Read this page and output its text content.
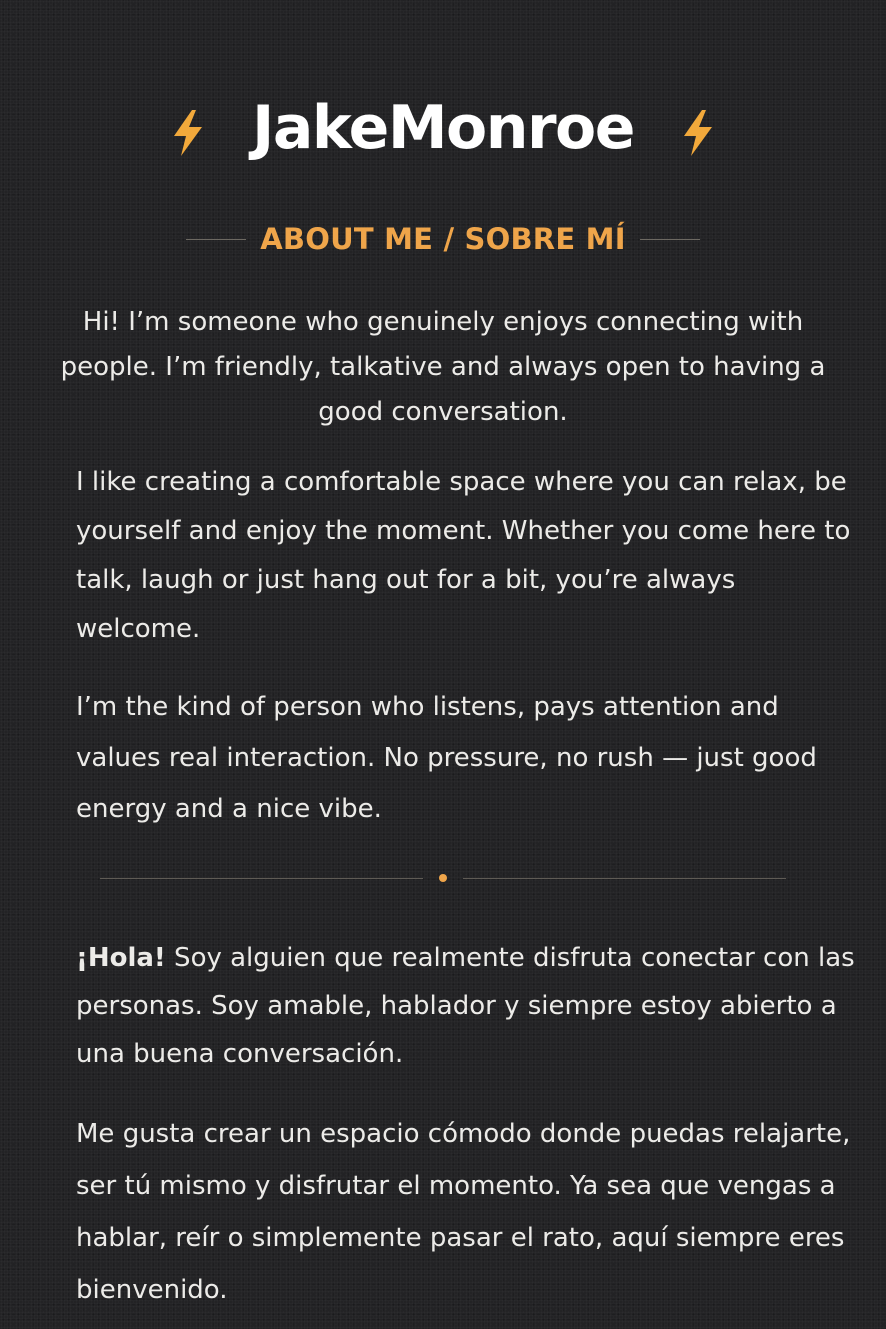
JakeMonroe
ABOUT ME / SOBRE MÍ

Hi! I’m someone who genuinely enjoys connecting with people. I’m friendly, talkative and always open to having a good conversation.

I like creating a comfortable space where you can relax, be yourself and enjoy the moment. Whether you come here to talk, laugh or just hang out for a bit, you’re always welcome.

I’m the kind of person who listens, pays attention and values real interaction. No pressure, no rush — just good energy and a nice vibe.

¡Hola! Soy alguien que realmente disfruta conectar con las personas. Soy amable, hablador y siempre estoy abierto a una buena conversación.

Me gusta crear un espacio cómodo donde puedas relajarte, ser tú mismo y disfrutar el momento. Ya sea que vengas a hablar, reír o simplemente pasar el rato, aquí siempre eres bienvenido.
